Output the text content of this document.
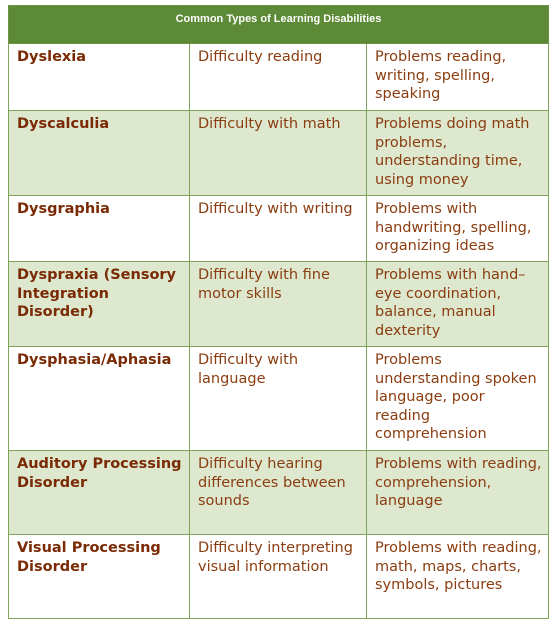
Common Types of Learning Disabilities		
Dyslexia	Difficulty reading	Problems reading, writing, spelling, speaking
Dyscalculia	Difficulty with math	Problems doing math problems, understanding time, using money
Dysgraphia	Difficulty with writing	Problems with handwriting, spelling, organizing ideas
Dyspraxia (Sensory Integration Disorder)	Difficulty with fine motor skills	Problems with hand–eye coordination, balance, manual dexterity
Dysphasia/Aphasia	Difficulty with language	Problems understanding spoken language, poor reading comprehension
Auditory Processing Disorder	Difficulty hearing differences between sounds	Problems with reading, comprehension, language
Visual Processing Disorder	Difficulty interpreting visual information	Problems with reading, math, maps, charts, symbols, pictures
